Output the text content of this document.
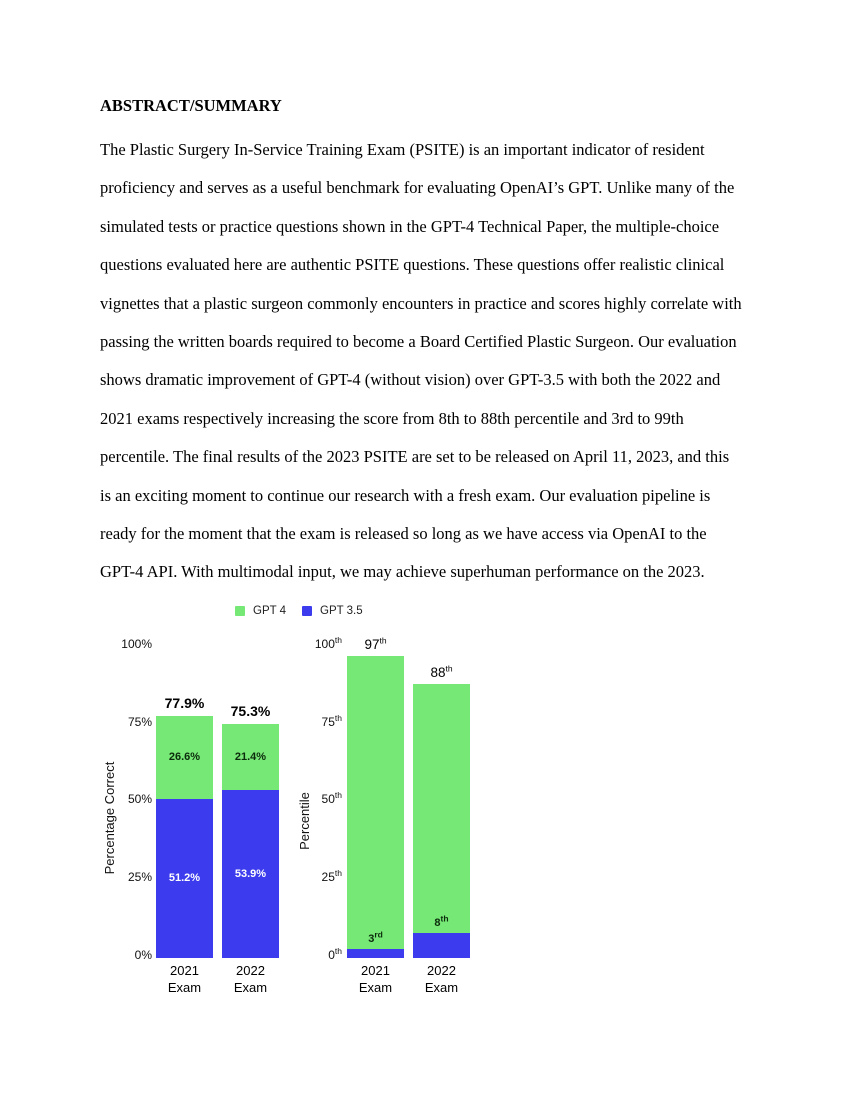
ABSTRACT/SUMMARY
The Plastic Surgery In-Service Training Exam (PSITE) is an important indicator of resident
proficiency and serves as a useful benchmark for evaluating OpenAI’s GPT. Unlike many of the
simulated tests or practice questions shown in the GPT-4 Technical Paper, the multiple-choice
questions evaluated here are authentic PSITE questions. These questions offer realistic clinical
vignettes that a plastic surgeon commonly encounters in practice and scores highly correlate with
passing the written boards required to become a Board Certified Plastic Surgeon. Our evaluation
shows dramatic improvement of GPT-4 (without vision) over GPT-3.5 with both the 2022 and
2021 exams respectively increasing the score from 8th to 88th percentile and 3rd to 99th
percentile. The final results of the 2023 PSITE are set to be released on April 11, 2023, and this
is an exciting moment to continue our research with a fresh exam. Our evaluation pipeline is
ready for the moment that the exam is released so long as we have access via OpenAI to the
GPT-4 API. With multimodal input, we may achieve superhuman performance on the 2023.
GPT 4	GPT 3.5
Percentage Correct
100%
75%
50%
25%
0%
77.9%
26.6%
51.2%
75.3%
21.4%
53.9%
2021
Exam
2022
Exam
Percentile
100th
75th
50th
25th
0th
97th
3rd
88th
8th
2021
Exam
2022
Exam
